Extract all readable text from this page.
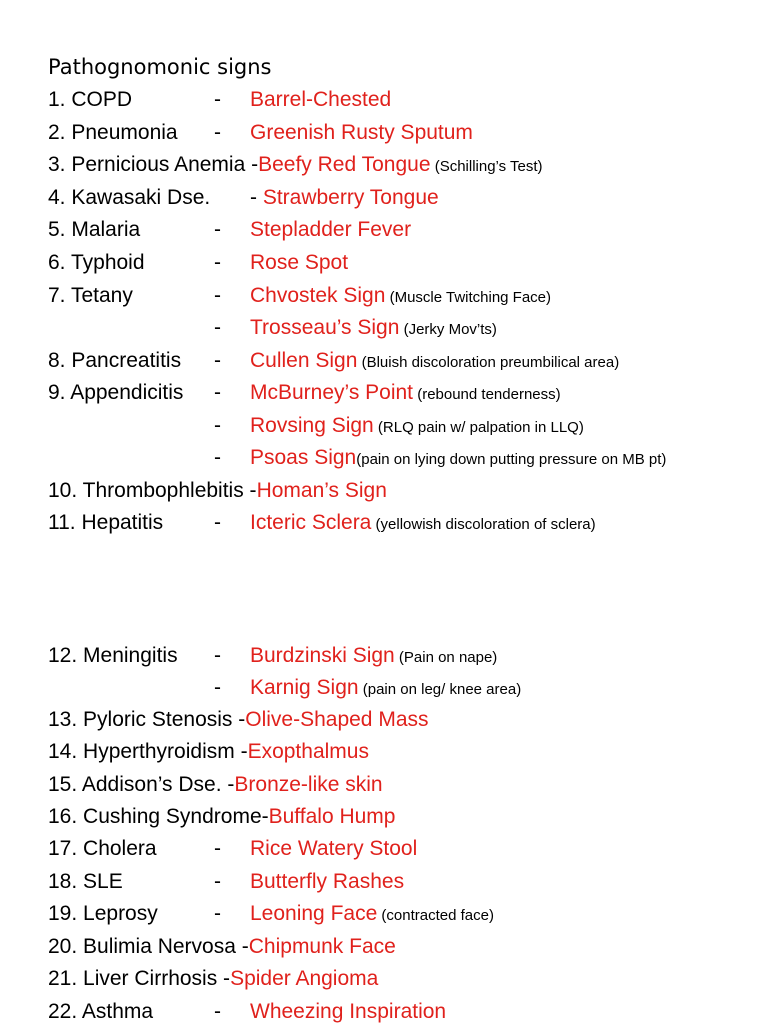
Pathognomonic signs
1. COPD	- Barrel-Chested
2. Pneumonia - Greenish Rusty Sputum
3. Pernicious Anemia -Beefy Red Tongue (Schilling’s Test)
4. Kawasaki Dse. - Strawberry Tongue
5. Malaria	- Stepladder Fever
6. Typhoid	- Rose Spot
7. Tetany	- Chvostek Sign (Muscle Twitching Face)
- Trosseau’s Sign (Jerky Mov’ts)
8. Pancreatitis - Cullen Sign (Bluish discoloration preumbilical area)
9. Appendicitis - McBurney’s Point (rebound tenderness)
- Rovsing Sign (RLQ pain w/ palpation in LLQ)
- Psoas Sign(pain on lying down putting pressure on MB pt)
10. Thrombophlebitis -Homan’s Sign
11. Hepatitis - Icteric Sclera (yellowish discoloration of sclera)
12. Meningitis - Burdzinski Sign (Pain on nape)
- Karnig Sign (pain on leg/ knee area)
13. Pyloric Stenosis -Olive-Shaped Mass
14. Hyperthyroidism -Exopthalmus
15. Addison’s Dse. -Bronze-like skin
16. Cushing Syndrome-Buffalo Hump
17. Cholera	- Rice Watery Stool
18. SLE	- Butterfly Rashes
19. Leprosy	- Leoning Face (contracted face)
20. Bulimia Nervosa -Chipmunk Face
21. Liver Cirrhosis -Spider Angioma
22. Asthma	- Wheezing Inspiration
